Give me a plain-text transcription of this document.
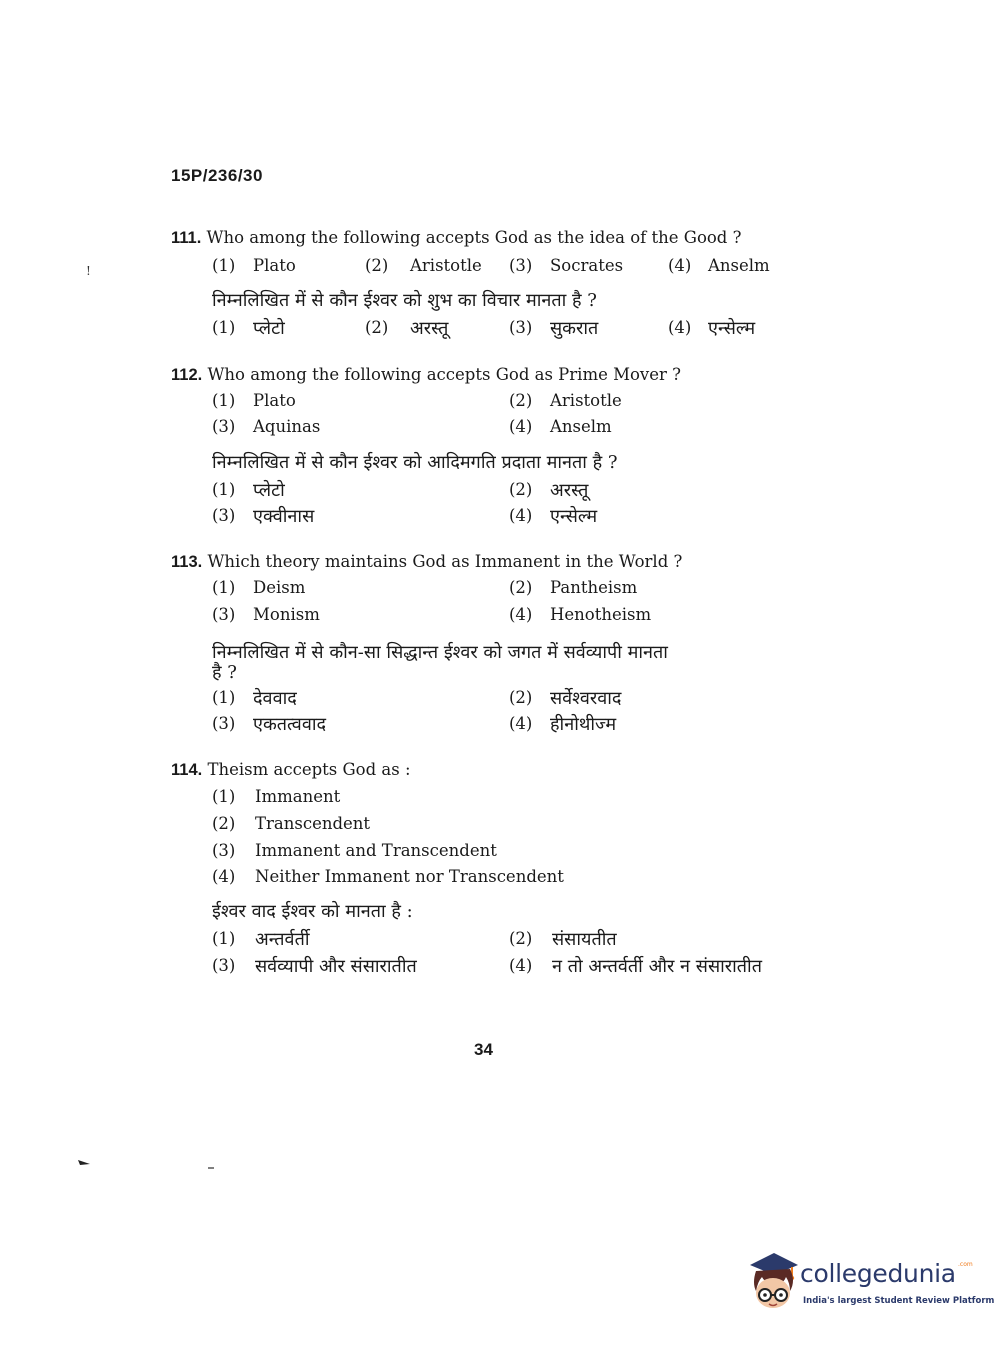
15P/236/30
!
111. Who among the following accepts God as the idea of the Good ?
(1) Plato	(2) Aristotle (3) Socrates	(4) Anselm
निम्नलिखित में से कौन ईश्वर को शुभ का विचार मानता है ?
(1) प्लेटो	(2) अरस्तू	(3) सुकरात	(4) एन्सेल्म
112. Who among the following accepts God as Prime Mover ?
(1) Plato	(2) Aristotle
(3) Aquinas	(4) Anselm
निम्नलिखित में से कौन ईश्वर को आदिमगति प्रदाता मानता है ?
(1) प्लेटो	(2) अरस्तू
(3) एक्वीनास	(4) एन्सेल्म
113. Which theory maintains God as Immanent in the World ?
(1) Deism	(2) Pantheism
(3) Monism	(4) Henotheism
निम्नलिखित में से कौन-सा सिद्धान्त ईश्वर को जगत में सर्वव्यापी मानता
है ?
(1) देववाद	(2) सर्वेश्वरवाद
(3) एकतत्ववाद	(4) हीनोथीज्म
114. Theism accepts God as :
(1) Immanent
(2) Transcendent
(3) Immanent and Transcendent
(4) Neither Immanent nor Transcendent
ईश्वर वाद ईश्वर को मानता है :
(1) अन्तर्वर्ती	(2) संसायतीत
(3) सर्वव्यापी और संसारातीत	(4) न तो अन्तर्वर्ती और न संसारातीत
34
collegedunia .com
India's largest Student Review Platform
